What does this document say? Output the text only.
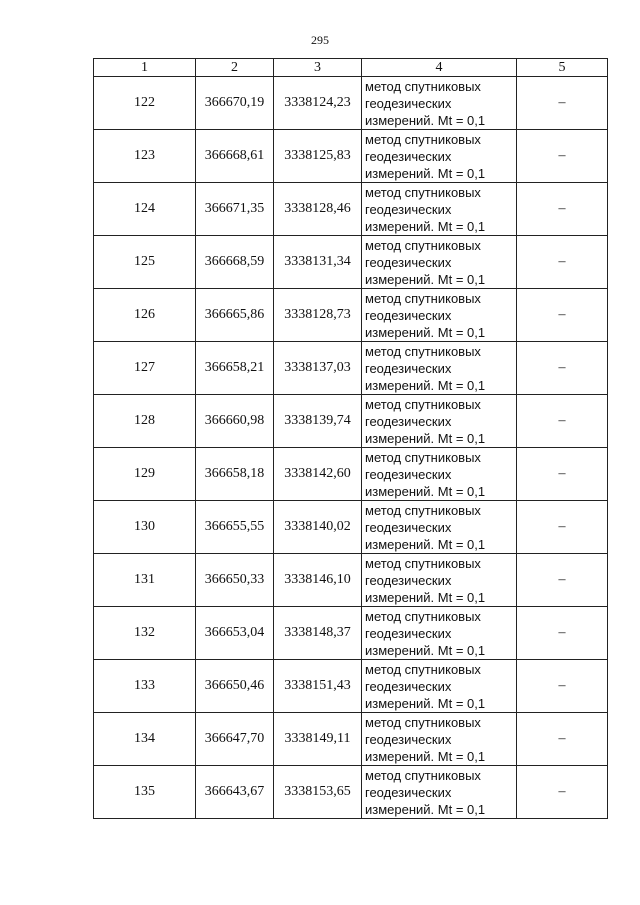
295
1	2	3	4	5
122	366670,19	3338124,23	метод спутниковых
геодезических
измерений. Mt = 0,1	–
123	366668,61	3338125,83	метод спутниковых
геодезических
измерений. Mt = 0,1	–
124	366671,35	3338128,46	метод спутниковых
геодезических
измерений. Mt = 0,1	–
125	366668,59	3338131,34	метод спутниковых
геодезических
измерений. Mt = 0,1	–
126	366665,86	3338128,73	метод спутниковых
геодезических
измерений. Mt = 0,1	–
127	366658,21	3338137,03	метод спутниковых
геодезических
измерений. Mt = 0,1	–
128	366660,98	3338139,74	метод спутниковых
геодезических
измерений. Mt = 0,1	–
129	366658,18	3338142,60	метод спутниковых
геодезических
измерений. Mt = 0,1	–
130	366655,55	3338140,02	метод спутниковых
геодезических
измерений. Mt = 0,1	–
131	366650,33	3338146,10	метод спутниковых
геодезических
измерений. Mt = 0,1	–
132	366653,04	3338148,37	метод спутниковых
геодезических
измерений. Mt = 0,1	–
133	366650,46	3338151,43	метод спутниковых
геодезических
измерений. Mt = 0,1	–
134	366647,70	3338149,11	метод спутниковых
геодезических
измерений. Mt = 0,1	–
135	366643,67	3338153,65	метод спутниковых
геодезических
измерений. Mt = 0,1	–
